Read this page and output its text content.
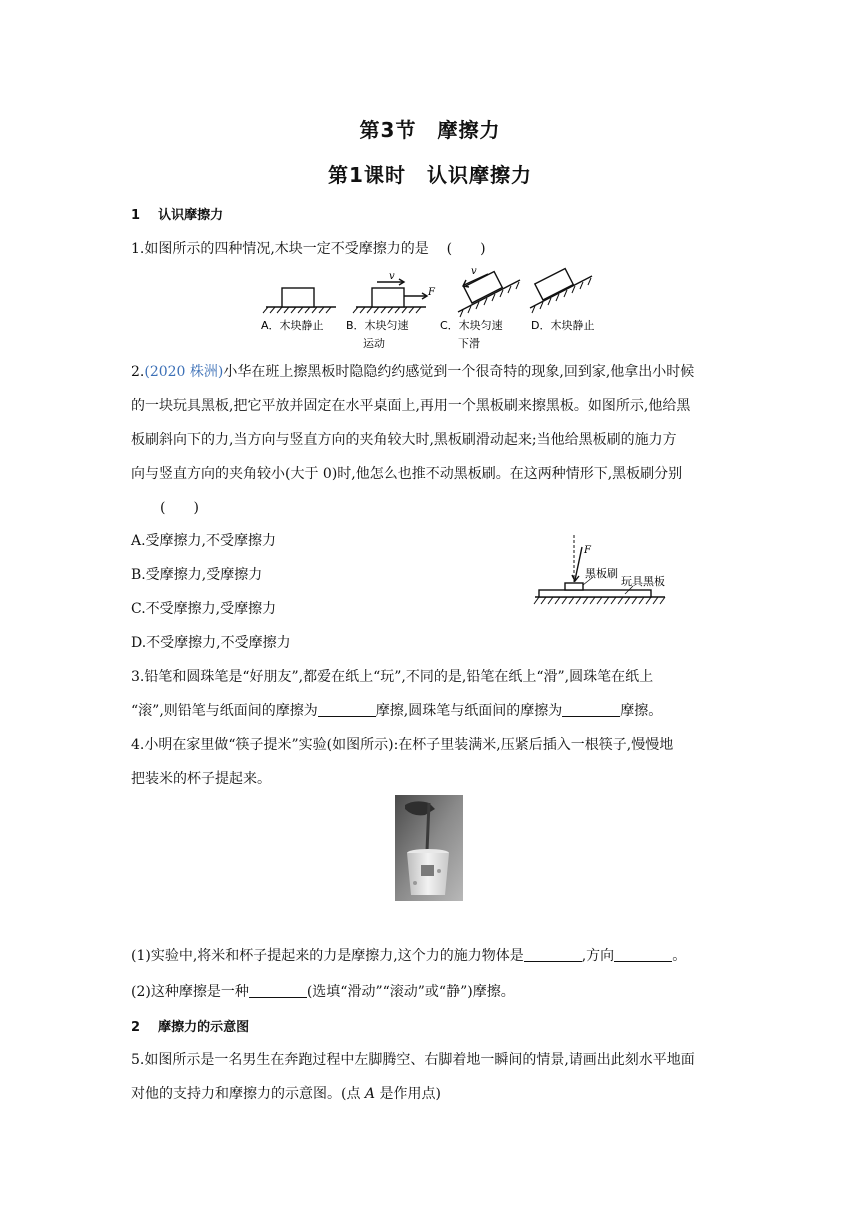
第3节　摩擦力
第1课时　认识摩擦力
1 认识摩擦力
1.如图所示的四种情况,木块一定不受摩擦力的是 (　　)
v
F
v
A．木块静止 B．木块匀速
运动
C．木块匀速
下滑
D．木块静止
2.(2020 株洲)小华在班上擦黑板时隐隐约约感觉到一个很奇特的现象,回到家,他拿出小时候
的一块玩具黑板,把它平放并固定在水平桌面上,再用一个黑板刷来擦黑板。如图所示,他给黑
板刷斜向下的力,当方向与竖直方向的夹角较大时,黑板刷滑动起来;当他给黑板刷的施力方
向与竖直方向的夹角较小(大于 0)时,他怎么也推不动黑板刷。在这两种情形下,黑板刷分别
(　　)
A.受摩擦力,不受摩擦力
B.受摩擦力,受摩擦力
C.不受摩擦力,受摩擦力
D.不受摩擦力,不受摩擦力
F
黑板刷
玩具黑板
3.铅笔和圆珠笔是“好朋友”,都爱在纸上“玩”,不同的是,铅笔在纸上“滑”,圆珠笔在纸上
“滚”,则铅笔与纸面间的摩擦为	摩擦,圆珠笔与纸面间的摩擦为	摩擦。
4.小明在家里做“筷子提米”实验(如图所示):在杯子里装满米,压紧后插入一根筷子,慢慢地
把装米的杯子提起来。
(1)实验中,将米和杯子提起来的力是摩擦力,这个力的施力物体是	,方向	。
(2)这种摩擦是一种	(选填“滑动”“滚动”或“静”)摩擦。
2 摩擦力的示意图
5.如图所示是一名男生在奔跑过程中左脚腾空、右脚着地一瞬间的情景,请画出此刻水平地面
对他的支持力和摩擦力的示意图。(点 A 是作用点)
